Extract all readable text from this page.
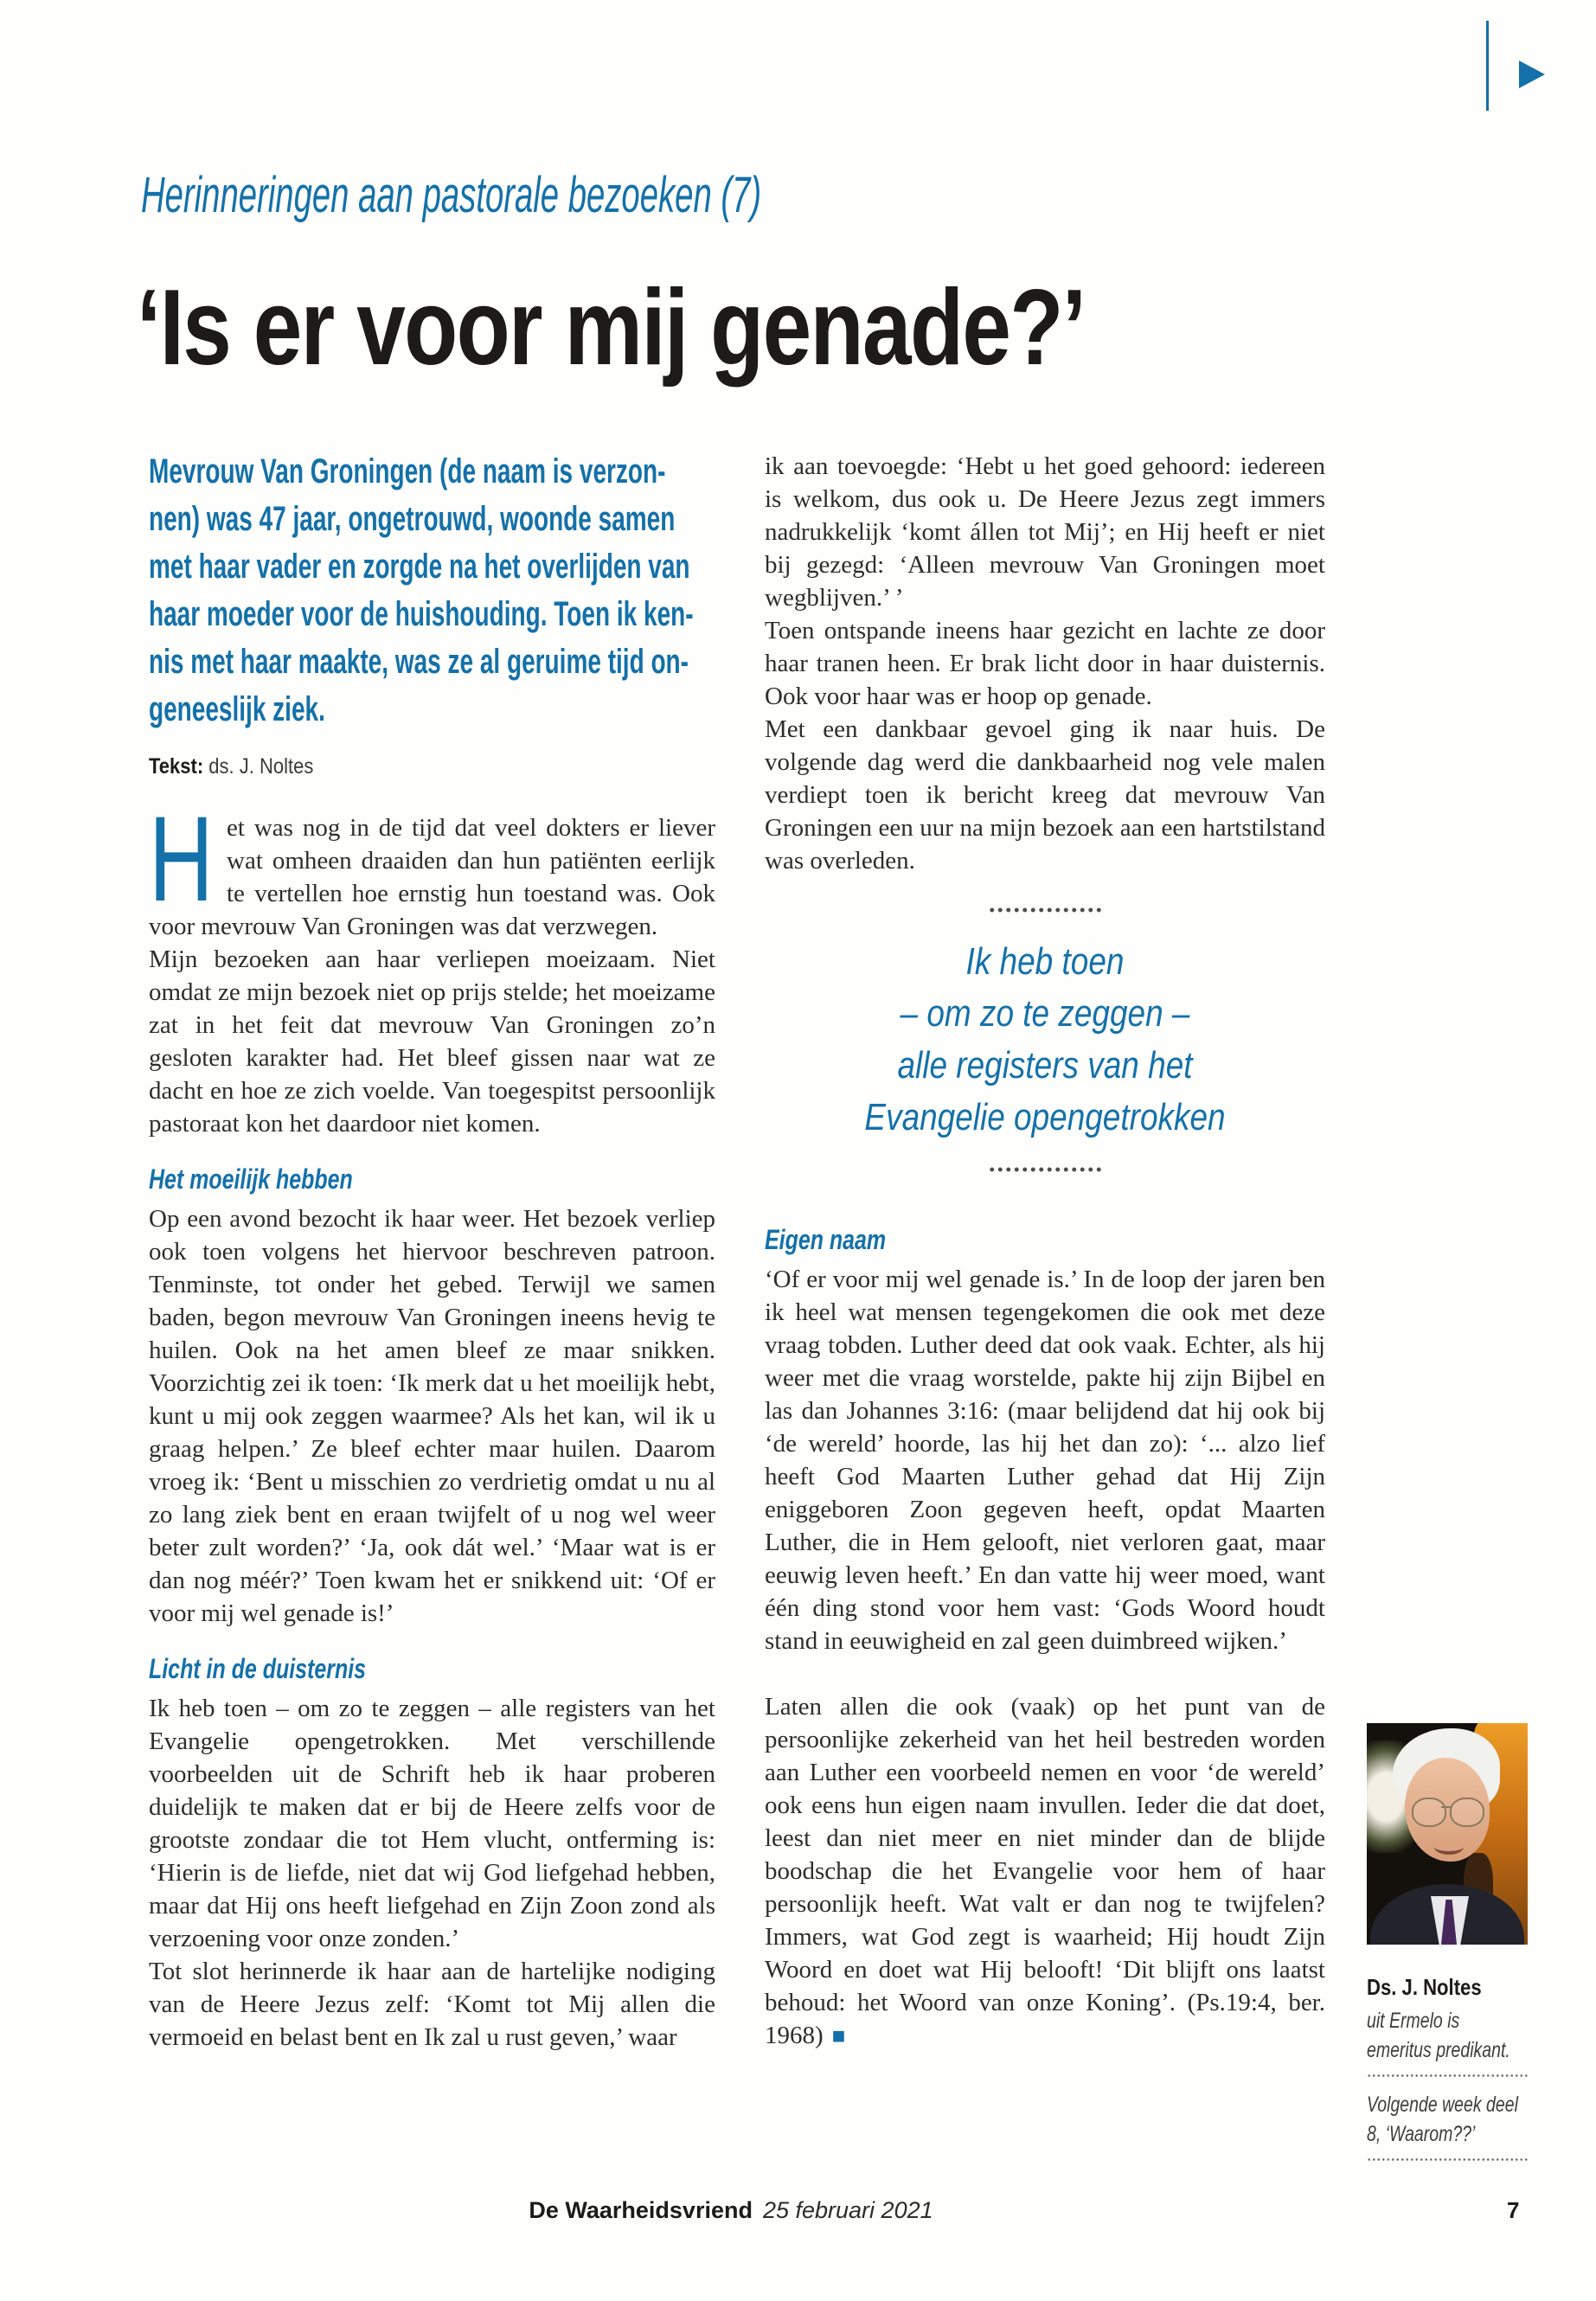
Herinneringen aan pastorale bezoeken (7)
‘Is er voor mij genade?’
Mevrouw Van Groningen (de naam is verzon-
nen) was 47 jaar, ongetrouwd, woonde samen
met haar vader en zorgde na het overlijden van
haar moeder voor de huishouding. Toen ik ken-
nis met haar maakte, was ze al geruime tijd on-
geneeslijk ziek.
Tekst: ds. J. Noltes

Het was nog in de tijd dat veel dokters er liever wat omheen draaiden dan hun patiënten eerlijk te vertellen hoe ernstig hun toestand was. Ook voor mevrouw Van Groningen was dat verzwegen.

Mijn bezoeken aan haar verliepen moeizaam. Niet omdat ze mijn bezoek niet op prijs stelde; het moeizame zat in het feit dat mevrouw Van Groningen zo’n gesloten karakter had. Het bleef gissen naar wat ze dacht en hoe ze zich voelde. Van toegespitst persoonlijk pastoraat kon het daardoor niet komen.

Het moeilijk hebben

Op een avond bezocht ik haar weer. Het bezoek verliep ook toen volgens het hiervoor beschreven patroon. Tenminste, tot onder het gebed. Terwijl we samen baden, begon mevrouw Van Groningen ineens hevig te huilen. Ook na het amen bleef ze maar snikken. Voorzichtig zei ik toen: ‘Ik merk dat u het moeilijk hebt, kunt u mij ook zeggen waarmee? Als het kan, wil ik u graag helpen.’ Ze bleef echter maar huilen. Daarom vroeg ik: ‘Bent u misschien zo verdrietig omdat u nu al zo lang ziek bent en eraan twijfelt of u nog wel weer beter zult worden?’ ‘Ja, ook dát wel.’ ‘Maar wat is er dan nog méér?’ Toen kwam het er snikkend uit: ‘Of er voor mij wel genade is!’

Licht in de duisternis

Ik heb toen – om zo te zeggen – alle registers van het Evangelie opengetrokken. Met verschillende voorbeelden uit de Schrift heb ik haar proberen duidelijk te maken dat er bij de Heere zelfs voor de grootste zondaar die tot Hem vlucht, ontferming is: ‘Hierin is de liefde, niet dat wij God liefgehad hebben, maar dat Hij ons heeft liefgehad en Zijn Zoon zond als verzoening voor onze zonden.’

Tot slot herinnerde ik haar aan de hartelijke nodiging van de Heere Jezus zelf: ‘Komt tot Mij allen die vermoeid en belast bent en Ik zal u rust geven,’ waar

ik aan toevoegde: ‘Hebt u het goed gehoord: iedereen is welkom, dus ook u. De Heere Jezus zegt immers nadrukkelijk ‘komt állen tot Mij’; en Hij heeft er niet bij gezegd: ‘Alleen mevrouw Van Groningen moet wegblijven.’ ’

Toen ontspande ineens haar gezicht en lachte ze door haar tranen heen. Er brak licht door in haar duisternis. Ook voor haar was er hoop op genade.

Met een dankbaar gevoel ging ik naar huis. De volgende dag werd die dankbaarheid nog vele malen verdiept toen ik bericht kreeg dat mevrouw Van Groningen een uur na mijn bezoek aan een hartstilstand was overleden.

Ik heb toen
– om zo te zeggen –
alle registers van het
Evangelie opengetrokken
Eigen naam

‘Of er voor mij wel genade is.’ In de loop der jaren ben ik heel wat mensen tegengekomen die ook met deze vraag tobden. Luther deed dat ook vaak. Echter, als hij weer met die vraag worstelde, pakte hij zijn Bijbel en las dan Johannes 3:16: (maar belijdend dat hij ook bij ‘de wereld’ hoorde, las hij het dan zo): ‘... alzo lief heeft God Maarten Luther gehad dat Hij Zijn eniggeboren Zoon gegeven heeft, opdat Maarten Luther, die in Hem gelooft, niet verloren gaat, maar eeuwig leven heeft.’ En dan vatte hij weer moed, want één ding stond voor hem vast: ‘Gods Woord houdt stand in eeuwigheid en zal geen duimbreed wijken.’

Laten allen die ook (vaak) op het punt van de persoonlijke zekerheid van het heil bestreden worden aan Luther een voorbeeld nemen en voor ‘de wereld’ ook eens hun eigen naam invullen. Ieder die dat doet, leest dan niet meer en niet minder dan de blijde boodschap die het Evangelie voor hem of haar persoonlijk heeft. Wat valt er dan nog te twijfelen? Immers, wat God zegt is waarheid; Hij houdt Zijn Woord en doet wat Hij belooft! ‘Dit blijft ons laatst behoud: het Woord van onze Koning’. (Ps.19:4, ber. 1968) ■

Ds. J. Noltes
uit Ermelo is emeritus predikant.
Volgende week deel 8, ‘Waarom??’
De Waarheidsvriend 25 februari 2021	7
